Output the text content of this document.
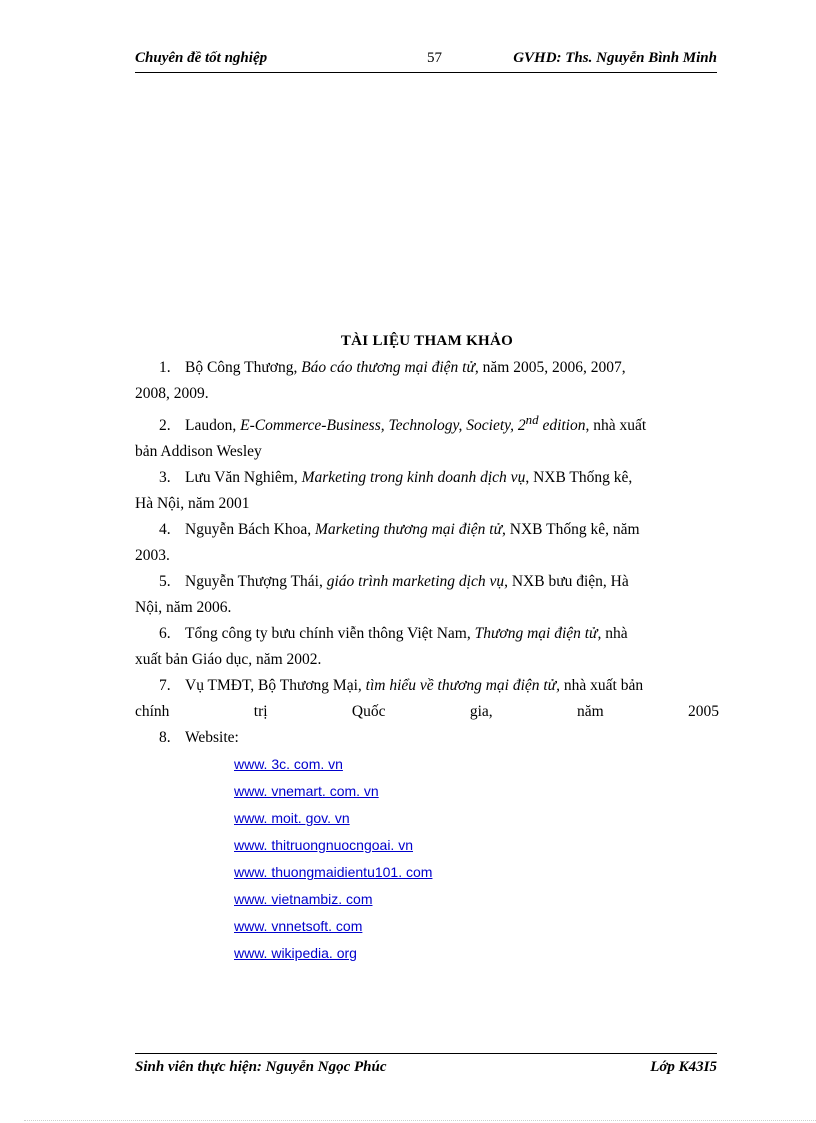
Chuyên đề tốt nghiệp	57	GVHD: Ths. Nguyễn Bình Minh
TÀI LIỆU THAM KHẢO

1. Bộ Công Thương, Báo cáo thương mại điện tử, năm 2005, 2006, 2007,

2008, 2009.

2. Laudon, E-Commerce-Business, Technology, Society, 2nd edition, nhà xuất

bản Addison Wesley

3. Lưu Văn Nghiêm, Marketing trong kinh doanh dịch vụ, NXB Thống kê,

Hà Nội, năm 2001

4. Nguyễn Bách Khoa, Marketing thương mại điện tử, NXB Thống kê, năm

2003.

5. Nguyễn Thượng Thái, giáo trình marketing dịch vụ, NXB bưu điện, Hà

Nội, năm 2006.

6. Tổng công ty bưu chính viễn thông Việt Nam, Thương mại điện tử, nhà

xuất bản Giáo dục, năm 2002.

7. Vụ TMĐT, Bộ Thương Mại, tìm hiểu về thương mại điện tử, nhà xuất bản

chính trị Quốc gia, năm 2005

8. Website:

www. 3c. com. vn
www. vnemart. com. vn
www. moit. gov. vn
www. thitruongnuocngoai. vn
www. thuongmaidientu101. com
www. vietnambiz. com
www. vnnetsoft. com
www. wikipedia. org
Sinh viên thực hiện: Nguyễn Ngọc Phúc	Lớp K43I5
